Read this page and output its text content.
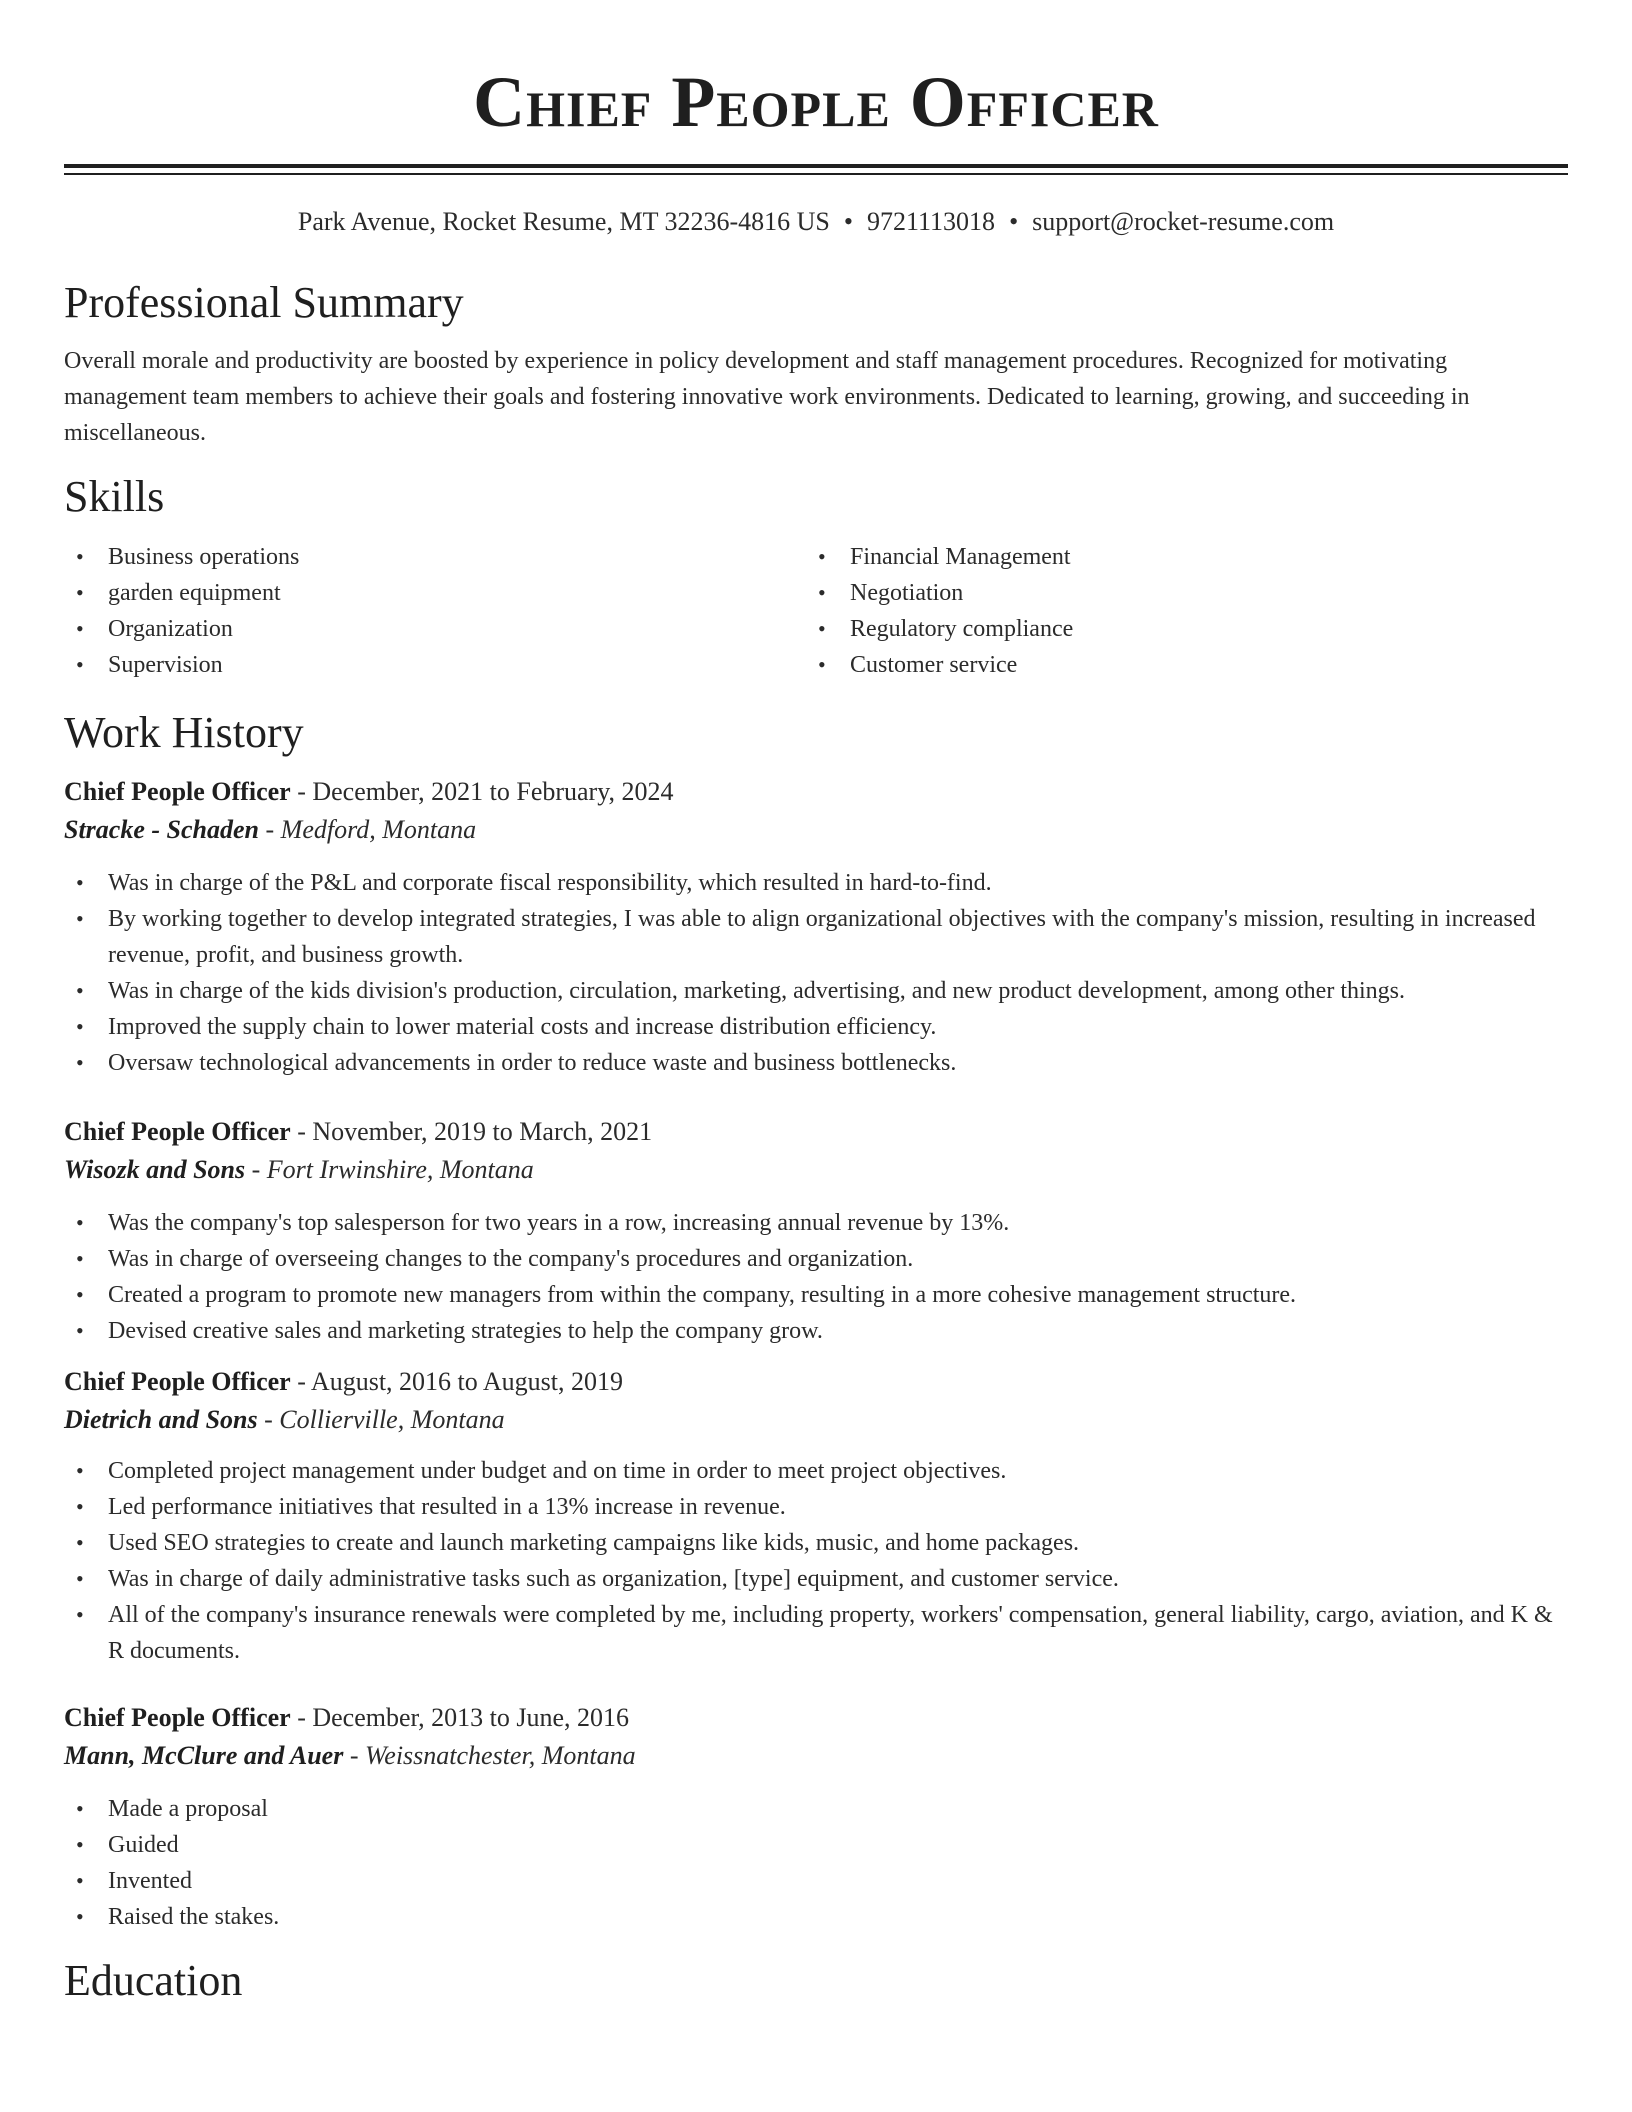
Chief People Officer
Park Avenue, Rocket Resume, MT 32236-4816 US • 9721113018 • support@rocket-resume.com
Professional Summary

Overall morale and productivity are boosted by experience in policy development and staff management procedures. Recognized for motivating management team members to achieve their goals and fostering innovative work environments. Dedicated to learning, growing, and succeeding in miscellaneous.

Skills
• Business operations
• garden equipment
• Organization
• Supervision
• Financial Management
• Negotiation
• Regulatory compliance
• Customer service
Work History
Chief People Officer - December, 2021 to February, 2024
Stracke - Schaden - Medford, Montana
• Was in charge of the P&L and corporate fiscal responsibility, which resulted in hard-to-find.
• By working together to develop integrated strategies, I was able to align organizational objectives with the company's mission, resulting in increased revenue, profit, and business growth.
• Was in charge of the kids division's production, circulation, marketing, advertising, and new product development, among other things.
• Improved the supply chain to lower material costs and increase distribution efficiency.
• Oversaw technological advancements in order to reduce waste and business bottlenecks.
Chief People Officer - November, 2019 to March, 2021
Wisozk and Sons - Fort Irwinshire, Montana
• Was the company's top salesperson for two years in a row, increasing annual revenue by 13%.
• Was in charge of overseeing changes to the company's procedures and organization.
• Created a program to promote new managers from within the company, resulting in a more cohesive management structure.
• Devised creative sales and marketing strategies to help the company grow.
Chief People Officer - August, 2016 to August, 2019
Dietrich and Sons - Collierville, Montana
• Completed project management under budget and on time in order to meet project objectives.
• Led performance initiatives that resulted in a 13% increase in revenue.
• Used SEO strategies to create and launch marketing campaigns like kids, music, and home packages.
• Was in charge of daily administrative tasks such as organization, [type] equipment, and customer service.
• All of the company's insurance renewals were completed by me, including property, workers' compensation, general liability, cargo, aviation, and K & R documents.
Chief People Officer - December, 2013 to June, 2016
Mann, McClure and Auer - Weissnatchester, Montana
• Made a proposal
• Guided
• Invented
• Raised the stakes.
Education
